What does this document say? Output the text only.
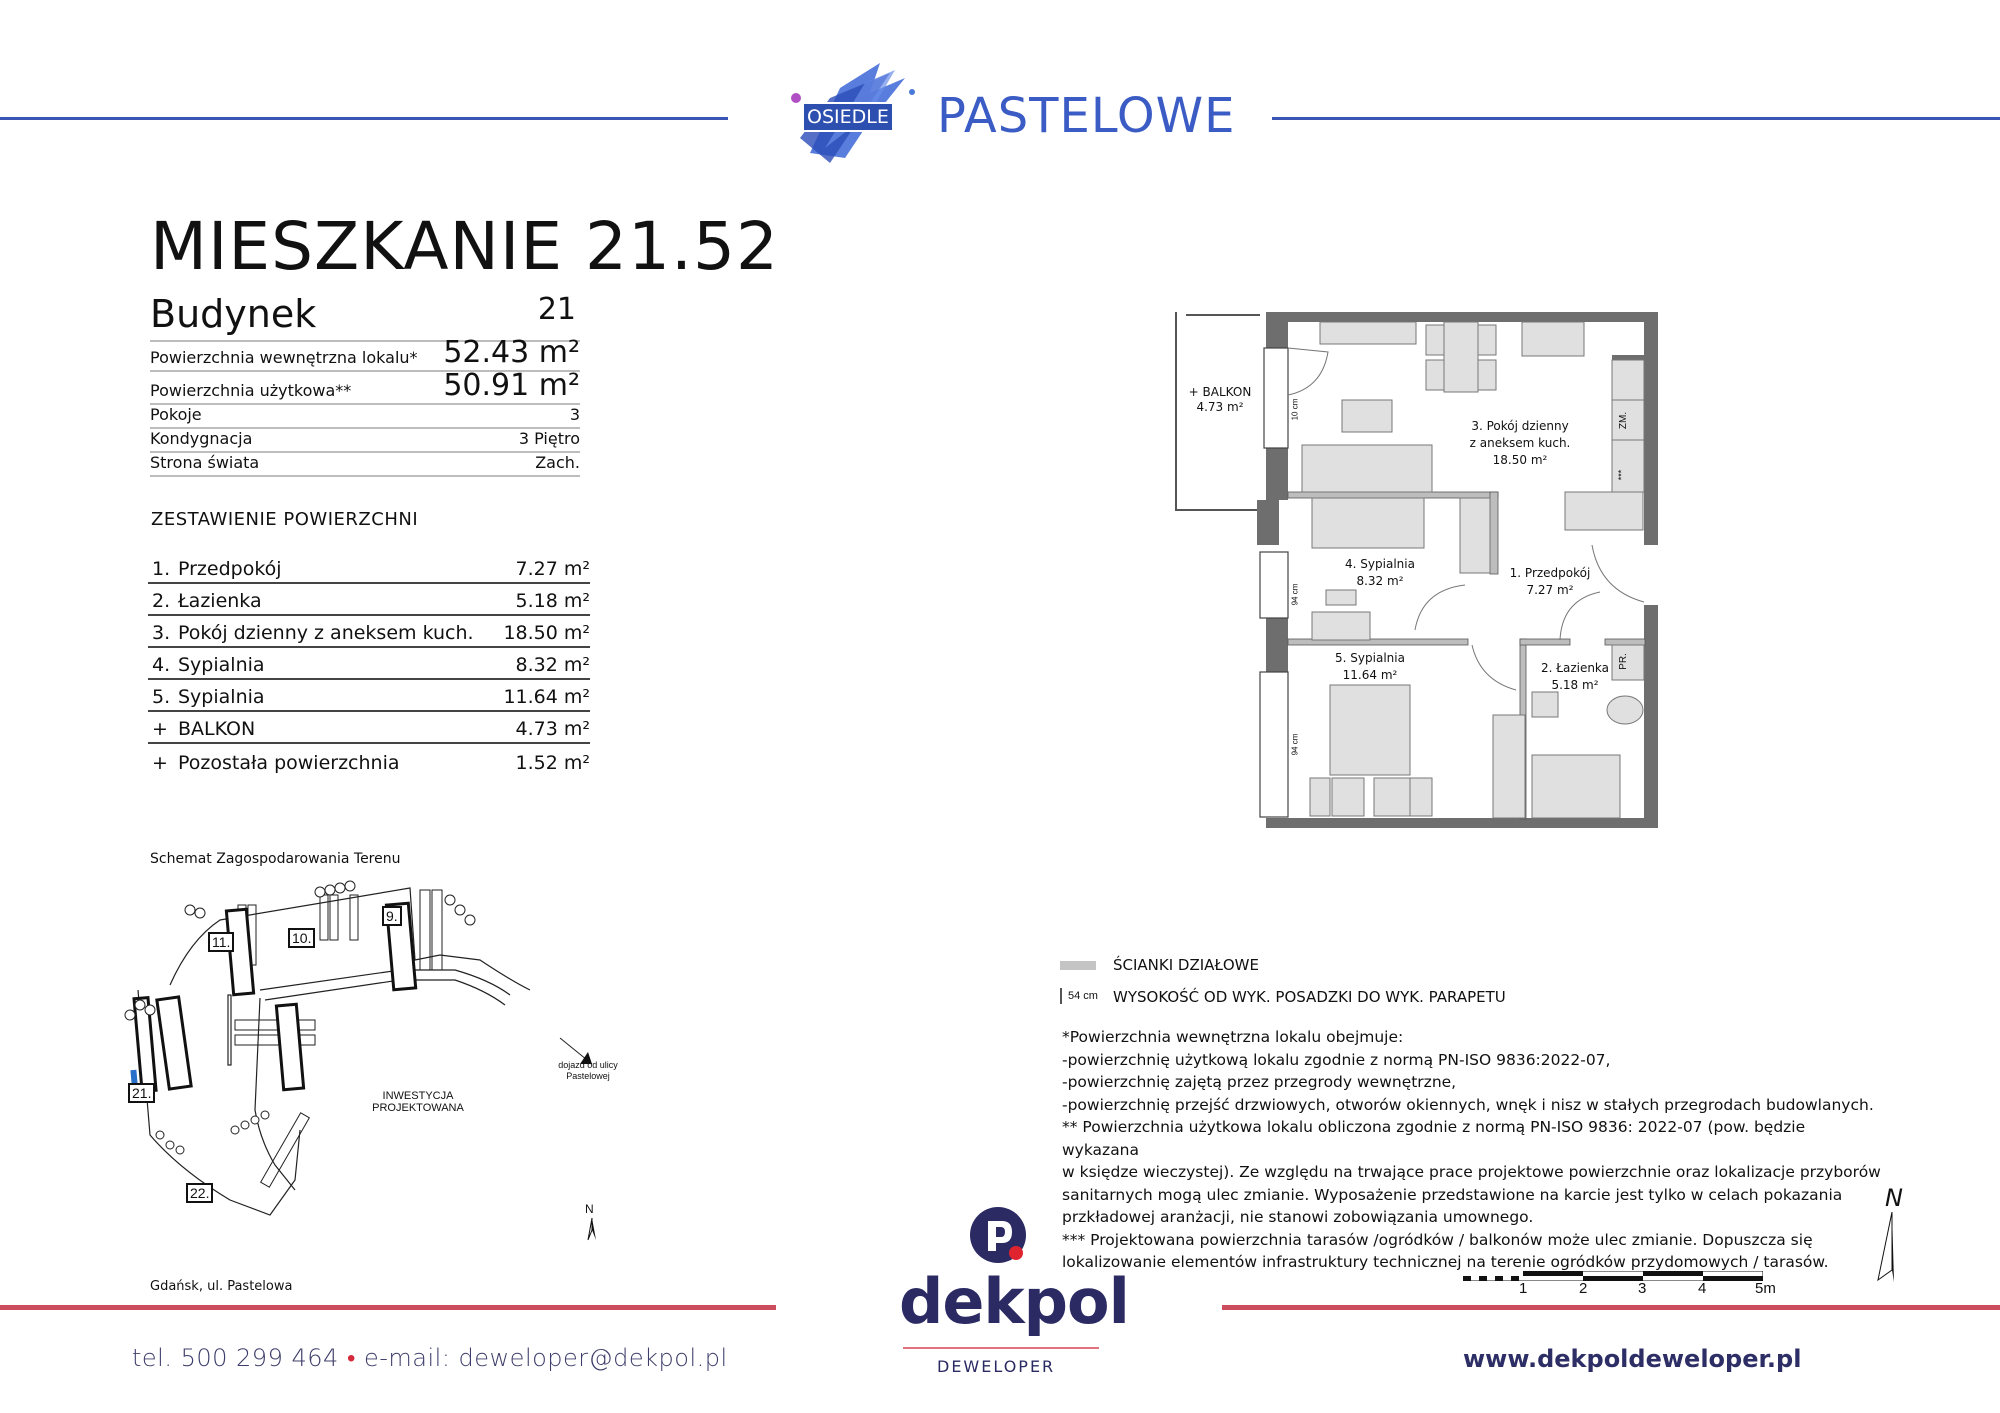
OSIEDLE PASTELOWE
MIESZKANIE 21.52
Budynek	21
Powierzchnia wewnętrzna lokalu* 52.43 m²
Powierzchnia użytkowa**	50.91 m²
Pokoje	3
Kondygnacja	3 Piętro
Strona świata	Zach.
ZESTAWIENIE POWIERZCHNI
1. Przedpokój	7.27 m²
2. Łazienka	5.18 m²
3. Pokój dzienny z aneksem kuch.	18.50 m²
4. Sypialnia	8.32 m²
5. Sypialnia	11.64 m²
+ BALKON	4.73 m²
+ Pozostała powierzchnia	1.52 m²
Schemat Zagospodarowania Terenu
11.	10.
9.
21.
22.
INWESTYCJA
PROJEKTOWANA
dojazd od ulicy
Pastelowej
N
Gdańsk, ul. Pastelowa
+ BALKON
4.73 m²
3. Pokój dzienny
z aneksem kuch.
18.50 m²
4. Sypialnia
8.32 m²
1. Przedpokój
7.27 m²
5. Sypialnia
11.64 m²	2. Łazienka
5.18 m²
ZM.
PR.
***
10 cm
94 cm
94 cm
ŚCIANKI DZIAŁOWE
54 cm WYSOKOŚĆ OD WYK. POSADZKI DO WYK. PARAPETU
*Powierzchnia wewnętrzna lokalu obejmuje:
-powierzchnię użytkową lokalu zgodnie z normą PN-ISO 9836:2022-07,
-powierzchnię zajętą przez przegrody wewnętrzne,
-powierzchnię przejść drzwiowych, otworów okiennych, wnęk i nisz w stałych przegrodach budowlanych.
** Powierzchnia użytkowa lokalu obliczona zgodnie z normą PN-ISO 9836: 2022-07 (pow. będzie wykazana
w księdze wieczystej). Ze względu na trwające prace projektowe powierzchnie oraz lokalizacje przyborów
sanitarnych mogą ulec zmianie. Wyposażenie przedstawione na karcie jest tylko w celach pokazania
przkładowej aranżacji, nie stanowi zobowiązania umownego.
*** Projektowana powierzchnia tarasów /ogródków / balkonów może ulec zmianie. Dopuszcza się
lokalizowanie elementów infrastruktury technicznej na terenie ogródków przydomowych / tarasów.
1	2	3	4	5m
N
tel. 500 299 464 • e-mail: deweloper@dekpol.pl
dekpol
DEWELOPER	www.dekpoldeweloper.pl
